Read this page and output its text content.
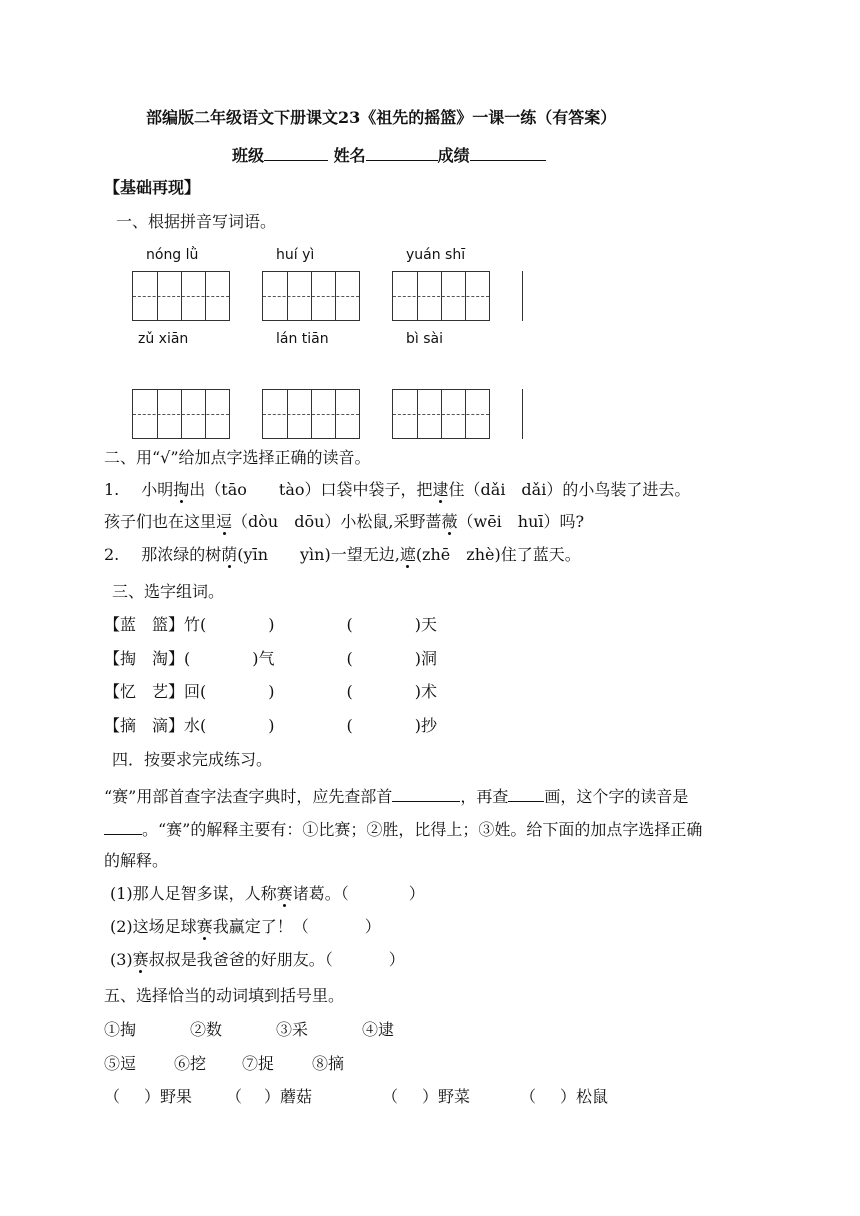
部编版二年级语文下册课文23《祖先的摇篮》一课一练（有答案）
班级	姓名	成绩
【基础再现】
一、根据拼音写词语。
nóng lǜ	huí yì	yuán shī
zǔ xiān	lán tiān	bì sài
二、用“√”给加点字选择正确的读音。
1. 小明掏出（tāo　　tào）口袋中袋子，把逮住（dǎi　dǎi）的小鸟装了进去。
孩子们也在这里逗（dòu　dōu）小松鼠,采野蔷薇（wēi　huī）吗?
2. 那浓绿的树荫(yīn　　yìn)一望无边,遮(zhē　zhè)住了蓝天。
三、选字组词。
【蓝　篮】竹(	)	(	)天
【掏　淘】(	)气	(	)洞
【忆　艺】回(	)	(	)术
【摘　滴】水(	)	(	)抄
四．按要求完成练习。
“赛”用部首查字法查字典时，应先查部首	，再查 画，这个字的读音是
。“赛”的解释主要有：①比赛；②胜，比得上；③姓。给下面的加点字选择正确
的解释。
(1)那人足智多谋，人称赛诸葛。（	）
(2)这场足球赛我赢定了！（	）
(3)赛叔叔是我爸爸的好朋友。（	）
五、选择恰当的动词填到括号里。
①掏	②数	③采	④逮
⑤逗 ⑥挖 ⑦捉 ⑧摘
（ ）野果 （ ）蘑菇	（ ）野菜	（ ）松鼠
